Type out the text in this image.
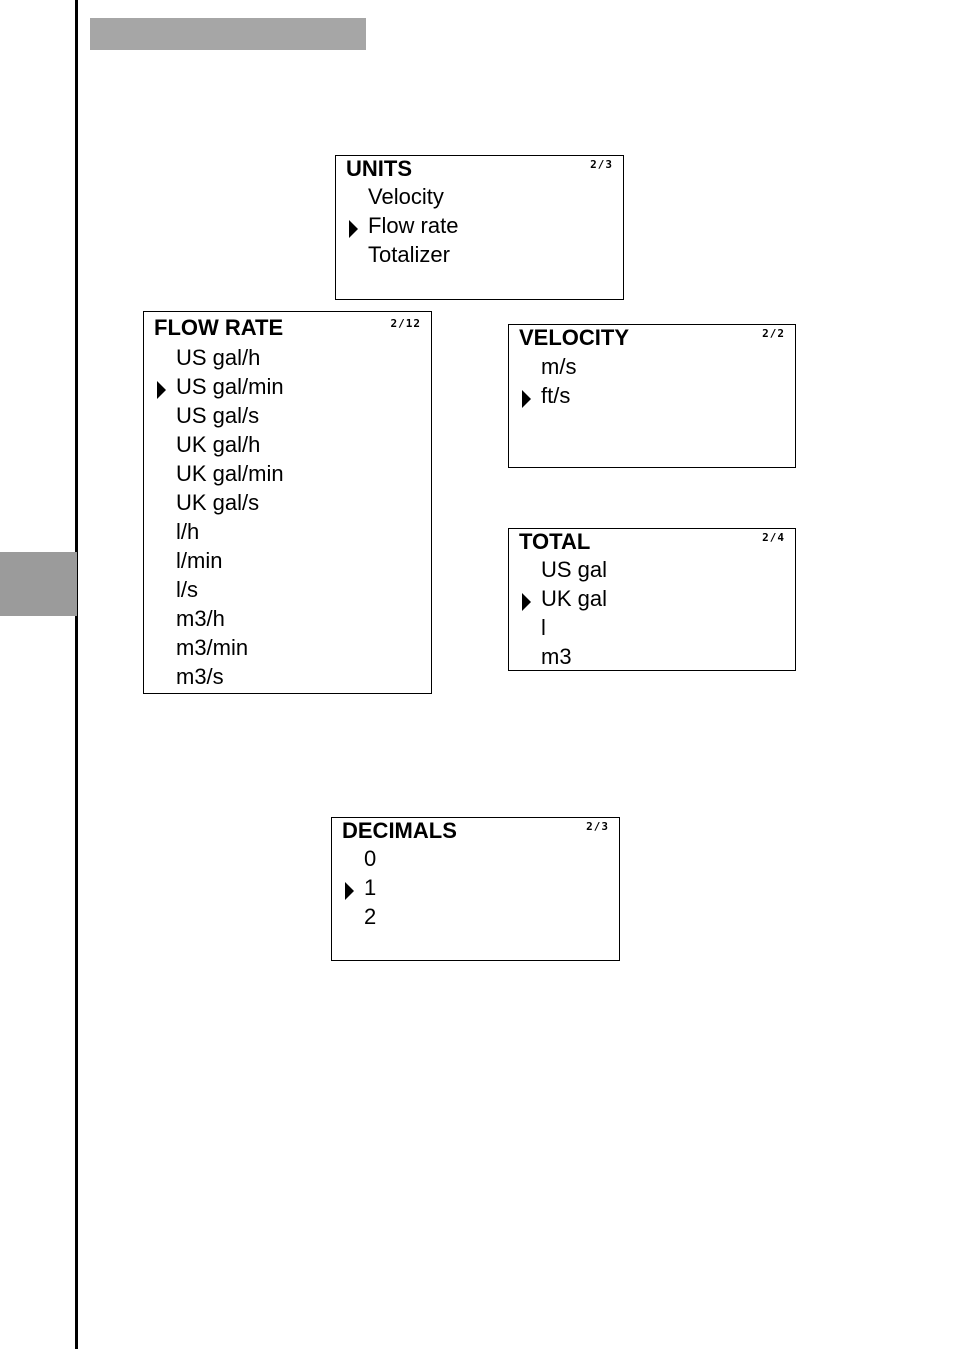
UNITS	2/3
Velocity
Flow rate
Totalizer
FLOW RATE	2/12
US gal/h
US gal/min
US gal/s
UK gal/h
UK gal/min
UK gal/s
l/h
l/min
l/s
m3/h
m3/min
m3/s
VELOCITY	2/2
m/s
ft/s
TOTAL	2/4
US gal
UK gal
l
m3
DECIMALS	2/3
0
1
2
